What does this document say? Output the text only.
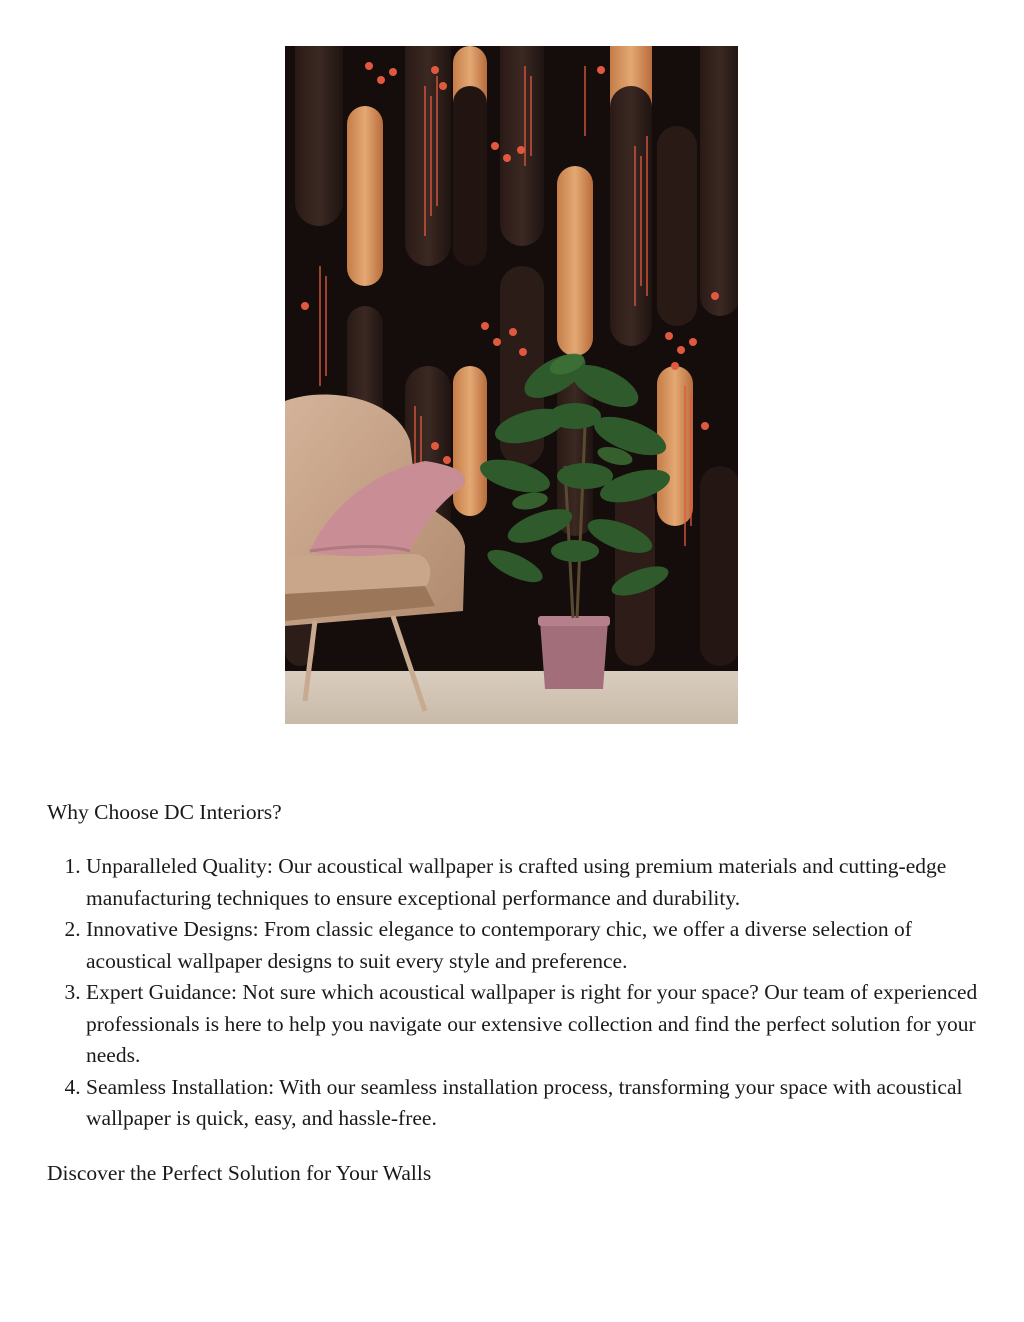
Why Choose DC Interiors?

1. Unparalleled Quality: Our acoustical wallpaper is crafted using premium materials and cutting-edge manufacturing techniques to ensure exceptional performance and durability.
2. Innovative Designs: From classic elegance to contemporary chic, we offer a diverse selection of acoustical wallpaper designs to suit every style and preference.
3. Expert Guidance: Not sure which acoustical wallpaper is right for your space? Our team of experienced professionals is here to help you navigate our extensive collection and find the perfect solution for your needs.
4. Seamless Installation: With our seamless installation process, transforming your space with acoustical wallpaper is quick, easy, and hassle-free.

Discover the Perfect Solution for Your Walls
